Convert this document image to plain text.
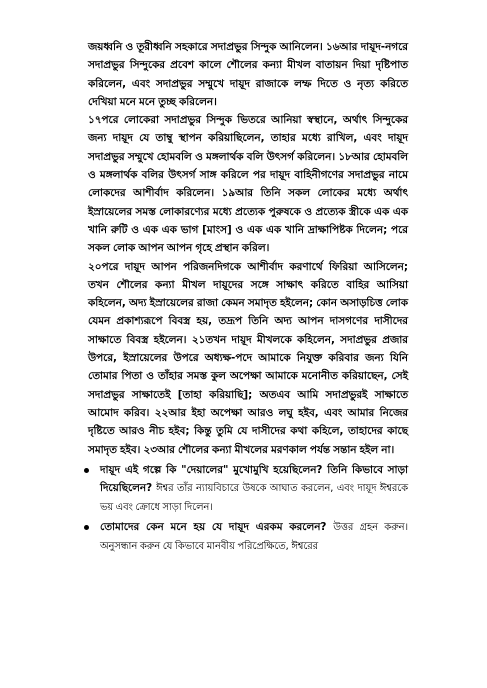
জয়ধ্বনি ও তূরীধ্বনি সহকারে সদাপ্রভুর সিন্দুক আনিলেন। ১৬আর দায়ূদ-নগরে সদাপ্রভুর সিন্দুকের প্রবেশ কালে শৌলের কন্যা মীখল বাতায়ন দিয়া দৃষ্টিপাত করিলেন, এবং সদাপ্রভুর সম্মুখে দায়ূদ রাজাকে লম্ফ দিতে ও নৃত্য করিতে দেখিয়া মনে মনে তুচ্ছ করিলেন।

১৭পরে লোকেরা সদাপ্রভুর সিন্দুক ভিতরে আনিয়া স্বস্থানে, অর্থাৎ সিন্দুকের জন্য দায়ূদ যে তাম্বু স্থাপন করিয়াছিলেন, তাহার মধ্যে রাখিল, এবং দায়ূদ সদাপ্রভুর সম্মুখে হোমবলি ও মঙ্গলার্থক বলি উৎসর্গ করিলেন। ১৮আর হোমবলি ও মঙ্গলার্থক বলির উৎসর্গ সাঙ্গ করিলে পর দায়ূদ বাহিনীগণের সদাপ্রভুর নামে লোকদের আশীর্বাদ করিলেন। ১৯আর তিনি সকল লোকের মধ্যে অর্থাৎ ইস্রায়েলের সমস্ত লোকারণ্যের মধ্যে প্রত্যেক পুরুষকে ও প্রত্যেক স্ত্রীকে এক এক খানি রুটি ও এক এক ভাগ [মাংস] ও এক এক খানি দ্রাক্ষাপিষ্টক দিলেন; পরে সকল লোক আপন আপন গৃহে প্রস্থান করিল।

২০পরে দায়ূদ আপন পরিজনদিগকে আশীর্বাদ করণার্থে ফিরিয়া আসিলেন; তখন শৌলের কন্যা মীখল দায়ূদের সঙ্গে সাক্ষাৎ করিতে বাহির আসিয়া কহিলেন, অদ্য ইস্রায়েলের রাজা কেমন সমাদৃত হইলেন; কোন অসাড়চিত্ত লোক যেমন প্রকাশ্যরূপে বিবস্ত্র হয়, তদ্রূপ তিনি অদ্য আপন দাসগণের দাসীদের সাক্ষাতে বিবস্ত্র হইলেন। ২১তখন দায়ূদ মীখলকে কহিলেন, সদাপ্রভুর প্রজার উপরে, ইস্রায়েলের উপরে অধ্যক্ষ-পদে আমাকে নিযুক্ত করিবার জন্য যিনি তোমার পিতা ও তাঁহার সমস্ত কুল অপেক্ষা আমাকে মনোনীত করিয়াছেন, সেই সদাপ্রভুর সাক্ষাতেই [তাহা করিয়াছি]; অতএব আমি সদাপ্রভুরই সাক্ষাতে আমোদ করিব। ২২আর ইহা অপেক্ষা আরও লঘু হইব, এবং আমার নিজের দৃষ্টিতে আরও নীচ হইব; কিন্তু তুমি যে দাসীদের কথা কহিলে, তাহাদের কাছে সমাদৃত হইব। ২৩আর শৌলের কন্যা মীখলের মরণকাল পর্যন্ত সন্তান হইল না।

দায়ূদ এই গল্পে কি "দেয়ালের" মুখোমুখি হয়েছিলেন? তিনি কিভাবে সাড়া দিয়েছিলেন? ঈশ্বর তাঁর ন্যায়বিচারে উষকে আঘাত করলেন, এবং দায়ূদ ঈশ্বরকে ভয় এবং ক্রোধে সাড়া দিলেন।
তোমাদের কেন মনে হয় যে দায়ূদ এরকম করলেন? উত্তর গ্রহন করুন। অনুসন্ধান করুন যে কিভাবে মানবীয় পরিপ্রেক্ষিতে, ঈশ্বরের
